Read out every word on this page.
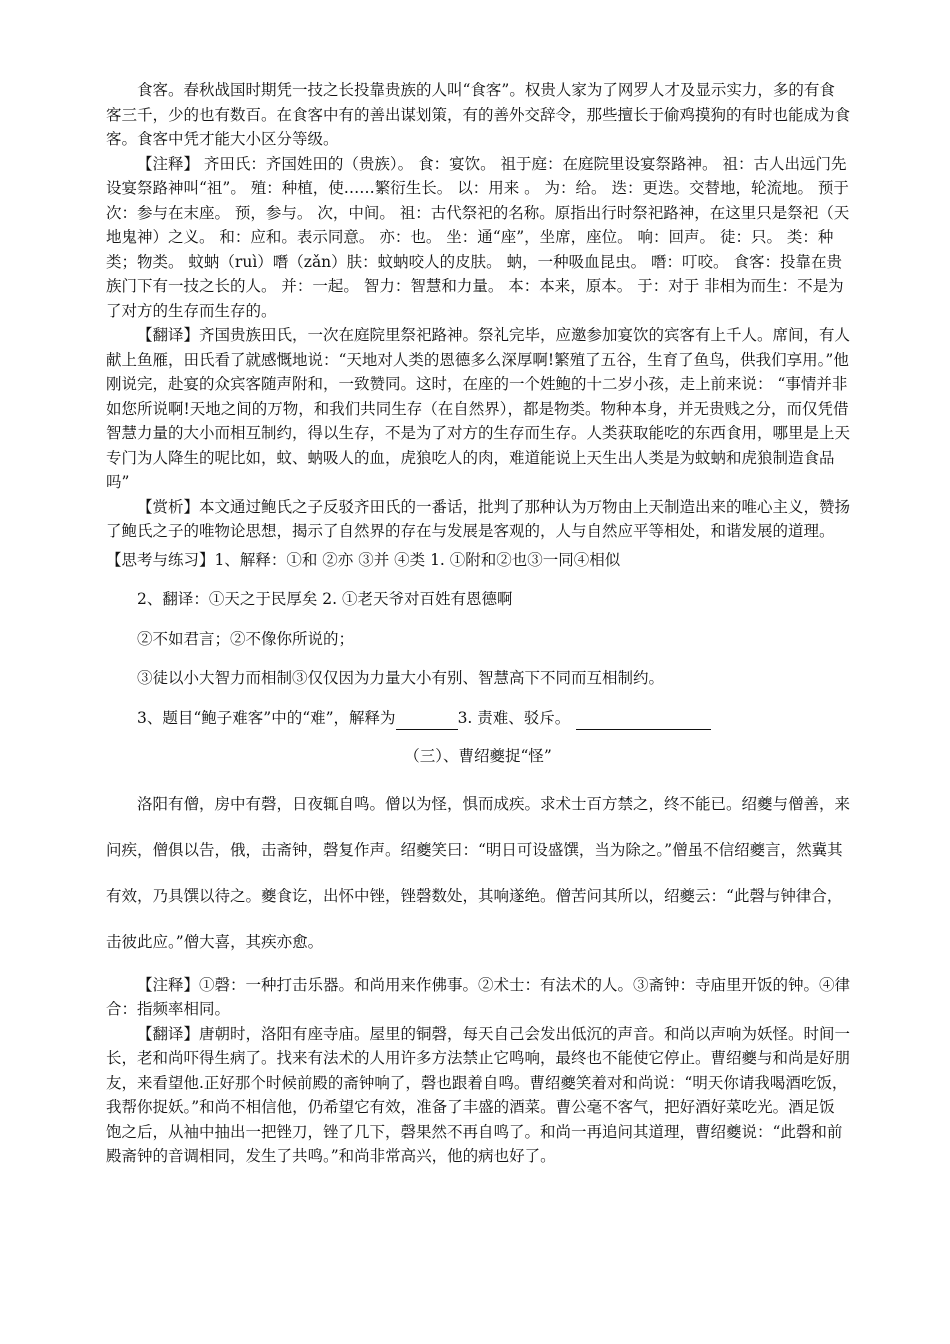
食客。春秋战国时期凭一技之长投靠贵族的人叫“食客”。权贵人家为了网罗人才及显示实力，多的有食客三千，少的也有数百。在食客中有的善出谋划策，有的善外交辞令，那些擅长于偷鸡摸狗的有时也能成为食客。食客中凭才能大小区分等级。

【注释】 齐田氏：齐国姓田的（贵族）。 食：宴饮。 祖于庭：在庭院里设宴祭路神。 祖：古人出远门先设宴祭路神叫“祖”。 殖：种植，使……繁衍生长。 以：用来 。 为：给。 迭：更迭。交替地，轮流地。 预于次：参与在末座。 预，参与。 次，中间。 祖：古代祭祀的名称。原指出行时祭祀路神，在这里只是祭祀（天地鬼神）之义。 和：应和。表示同意。 亦：也。 坐：通“座”，坐席，座位。 响：回声。 徒：只。 类：种类；物类。 蚊蚋（ruì）噆（zǎn）肤：蚊蚋咬人的皮肤。 蚋，一种吸血昆虫。 噆：叮咬。 食客：投靠在贵族门下有一技之长的人。 并：一起。 智力：智慧和力量。 本：本来，原本。 于：对于 非相为而生：不是为了对方的生存而生存的。

【翻译】齐国贵族田氏，一次在庭院里祭祀路神。祭礼完毕，应邀参加宴饮的宾客有上千人。席间，有人献上鱼雁，田氏看了就感慨地说：“天地对人类的恩德多么深厚啊!繁殖了五谷，生育了鱼鸟，供我们享用。”他刚说完，赴宴的众宾客随声附和，一致赞同。这时，在座的一个姓鲍的十二岁小孩，走上前来说： “事情并非如您所说啊!天地之间的万物，和我们共同生存（在自然界），都是物类。物种本身，并无贵贱之分，而仅凭借智慧力量的大小而相互制约，得以生存，不是为了对方的生存而生存。人类获取能吃的东西食用，哪里是上天专门为人降生的呢比如，蚊、蚋吸人的血，虎狼吃人的肉，难道能说上天生出人类是为蚊蚋和虎狼制造食品吗”

【赏析】本文通过鲍氏之子反驳齐田氏的一番话，批判了那种认为万物由上天制造出来的唯心主义，赞扬了鲍氏之子的唯物论思想，揭示了自然界的存在与发展是客观的，人与自然应平等相处，和谐发展的道理。

【思考与练习】1、解释：①和 ②亦 ③并 ④类 1. ①附和②也③一同④相似

2、翻译：①天之于民厚矣 2. ①老天爷对百姓有恩德啊

②不如君言；②不像你所说的；

③徒以小大智力而相制③仅仅因为力量大小有别、智慧高下不同而互相制约。

3、题目“鲍子难客”中的“难”，解释为	3. 责难、驳斥。

（三）、曹绍夔捉“怪”

洛阳有僧，房中有磬，日夜辄自鸣。僧以为怪，惧而成疾。求术士百方禁之，终不能已。绍夔与僧善，来问疾，僧俱以告，俄，击斋钟，磬复作声。绍夔笑曰：“明日可设盛馔，当为除之。”僧虽不信绍夔言，然冀其有效，乃具馔以待之。夔食讫，出怀中锉，锉磬数处，其响遂绝。僧苦问其所以，绍夔云：“此磬与钟律合，击彼此应。”僧大喜，其疾亦愈。

【注释】①磬：一种打击乐器。和尚用来作佛事。②术士：有法术的人。③斋钟：寺庙里开饭的钟。④律合：指频率相同。

【翻译】唐朝时，洛阳有座寺庙。屋里的铜磬，每天自己会发出低沉的声音。和尚以声响为妖怪。时间一长，老和尚吓得生病了。找来有法术的人用许多方法禁止它鸣响，最终也不能使它停止。曹绍夔与和尚是好朋友，来看望他.正好那个时候前殿的斋钟响了，磬也跟着自鸣。曹绍夔笑着对和尚说：“明天你请我喝酒吃饭，我帮你捉妖。”和尚不相信他，仍希望它有效，准备了丰盛的酒菜。曹公毫不客气，把好酒好菜吃光。酒足饭饱之后，从袖中抽出一把锉刀，锉了几下，磬果然不再自鸣了。和尚一再追问其道理，曹绍夔说：“此磬和前殿斋钟的音调相同，发生了共鸣。”和尚非常高兴，他的病也好了。
